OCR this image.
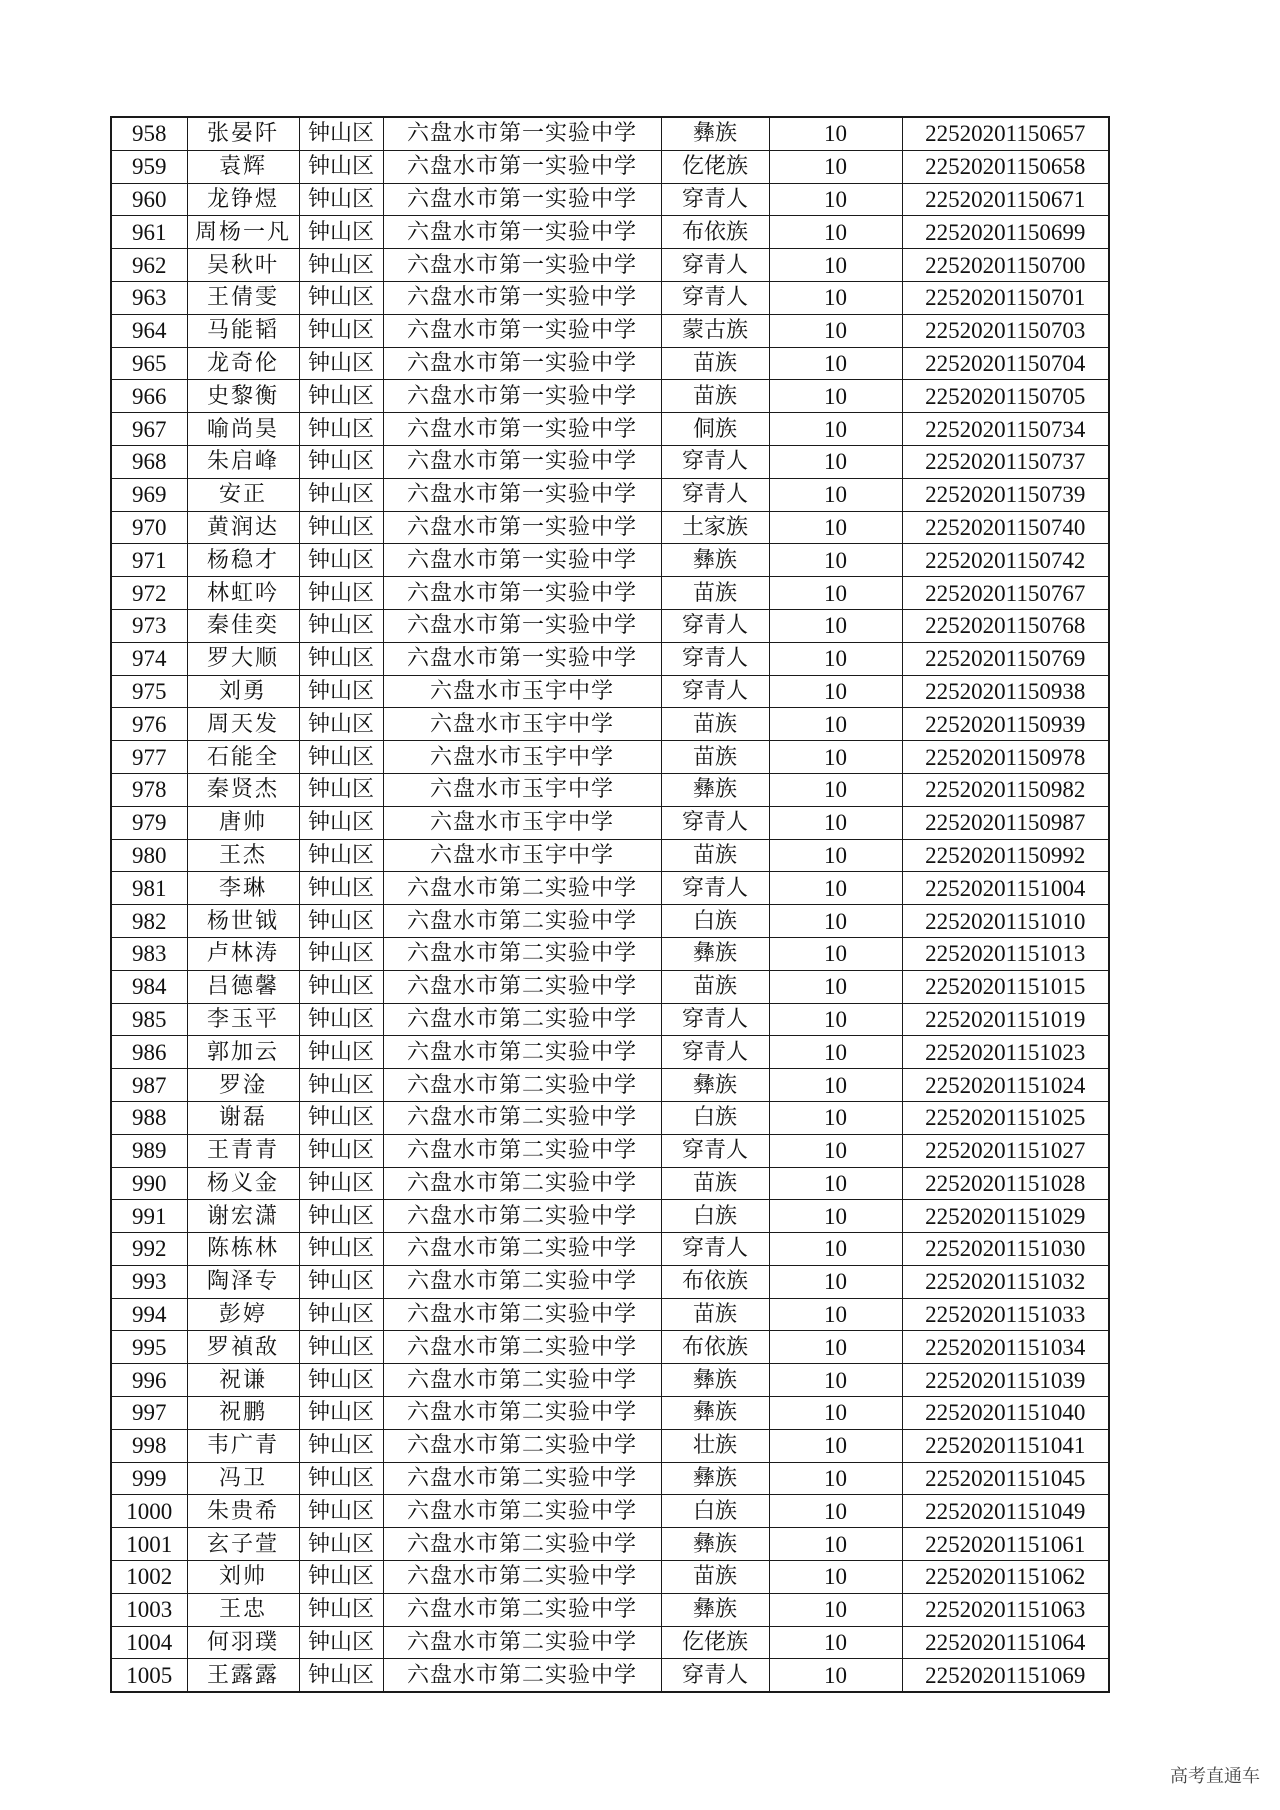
958	张晏阡	钟山区	六盘水市第一实验中学	彝族	10	22520201150657
959	袁辉	钟山区	六盘水市第一实验中学	仡佬族	10	22520201150658
960	龙铮煜	钟山区	六盘水市第一实验中学	穿青人	10	22520201150671
961	周杨一凡	钟山区	六盘水市第一实验中学	布依族	10	22520201150699
962	吴秋叶	钟山区	六盘水市第一实验中学	穿青人	10	22520201150700
963	王倩雯	钟山区	六盘水市第一实验中学	穿青人	10	22520201150701
964	马能韬	钟山区	六盘水市第一实验中学	蒙古族	10	22520201150703
965	龙奇伦	钟山区	六盘水市第一实验中学	苗族	10	22520201150704
966	史黎衡	钟山区	六盘水市第一实验中学	苗族	10	22520201150705
967	喻尚昊	钟山区	六盘水市第一实验中学	侗族	10	22520201150734
968	朱启峰	钟山区	六盘水市第一实验中学	穿青人	10	22520201150737
969	安正	钟山区	六盘水市第一实验中学	穿青人	10	22520201150739
970	黄润达	钟山区	六盘水市第一实验中学	土家族	10	22520201150740
971	杨稳才	钟山区	六盘水市第一实验中学	彝族	10	22520201150742
972	林虹吟	钟山区	六盘水市第一实验中学	苗族	10	22520201150767
973	秦佳奕	钟山区	六盘水市第一实验中学	穿青人	10	22520201150768
974	罗大顺	钟山区	六盘水市第一实验中学	穿青人	10	22520201150769
975	刘勇	钟山区	六盘水市玉宇中学	穿青人	10	22520201150938
976	周天发	钟山区	六盘水市玉宇中学	苗族	10	22520201150939
977	石能全	钟山区	六盘水市玉宇中学	苗族	10	22520201150978
978	秦贤杰	钟山区	六盘水市玉宇中学	彝族	10	22520201150982
979	唐帅	钟山区	六盘水市玉宇中学	穿青人	10	22520201150987
980	王杰	钟山区	六盘水市玉宇中学	苗族	10	22520201150992
981	李琳	钟山区	六盘水市第二实验中学	穿青人	10	22520201151004
982	杨世钺	钟山区	六盘水市第二实验中学	白族	10	22520201151010
983	卢林涛	钟山区	六盘水市第二实验中学	彝族	10	22520201151013
984	吕德馨	钟山区	六盘水市第二实验中学	苗族	10	22520201151015
985	李玉平	钟山区	六盘水市第二实验中学	穿青人	10	22520201151019
986	郭加云	钟山区	六盘水市第二实验中学	穿青人	10	22520201151023
987	罗淦	钟山区	六盘水市第二实验中学	彝族	10	22520201151024
988	谢磊	钟山区	六盘水市第二实验中学	白族	10	22520201151025
989	王青青	钟山区	六盘水市第二实验中学	穿青人	10	22520201151027
990	杨义金	钟山区	六盘水市第二实验中学	苗族	10	22520201151028
991	谢宏潇	钟山区	六盘水市第二实验中学	白族	10	22520201151029
992	陈栋林	钟山区	六盘水市第二实验中学	穿青人	10	22520201151030
993	陶泽专	钟山区	六盘水市第二实验中学	布依族	10	22520201151032
994	彭婷	钟山区	六盘水市第二实验中学	苗族	10	22520201151033
995	罗禎敌	钟山区	六盘水市第二实验中学	布依族	10	22520201151034
996	祝谦	钟山区	六盘水市第二实验中学	彝族	10	22520201151039
997	祝鹏	钟山区	六盘水市第二实验中学	彝族	10	22520201151040
998	韦广青	钟山区	六盘水市第二实验中学	壮族	10	22520201151041
999	冯卫	钟山区	六盘水市第二实验中学	彝族	10	22520201151045
1000	朱贵希	钟山区	六盘水市第二实验中学	白族	10	22520201151049
1001	玄子萱	钟山区	六盘水市第二实验中学	彝族	10	22520201151061
1002	刘帅	钟山区	六盘水市第二实验中学	苗族	10	22520201151062
1003	王忠	钟山区	六盘水市第二实验中学	彝族	10	22520201151063
1004	何羽璞	钟山区	六盘水市第二实验中学	仡佬族	10	22520201151064
1005	王露露	钟山区	六盘水市第二实验中学	穿青人	10	22520201151069
高考直通车
